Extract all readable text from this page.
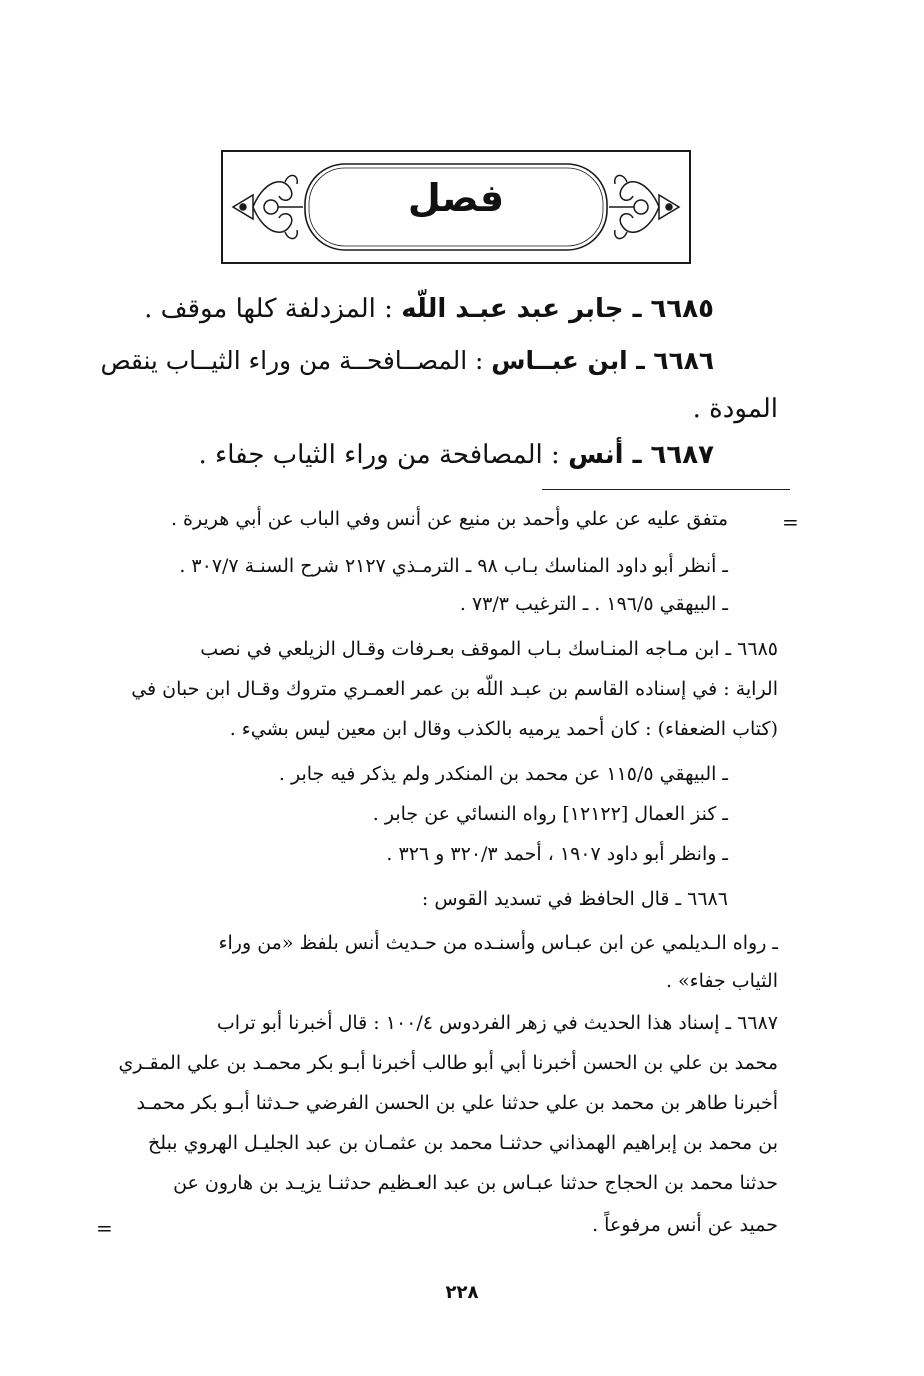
فصل
٦٦٨٥ ـ جابر عبد عبـد اللّه : المزدلفة كلها موقف .
٦٦٨٦ ـ ابن عبــاس : المصــافحــة من وراء الثيــاب ينقص
المودة .
٦٦٨٧ ـ أنس : المصافحة من وراء الثياب جفاء .
=
متفق عليه عن علي وأحمد بن منيع عن أنس وفي الباب عن أبي هريرة .
ـ أنظر أبو داود المناسك بـاب ٩٨ ـ الترمـذي ٢١٢٧ شرح السنـة ٣٠٧/٧ .
ـ البيهقي ١٩٦/٥ . ـ الترغيب ٧٣/٣ .
٦٦٨٥ ـ ابن مـاجه المنـاسك بـاب الموقف بعـرفات وقـال الزيلعي في نصب
الراية : في إسناده القاسم بن عبـد اللّه بن عمر العمـري متروك وقـال ابن حبان في
(كتاب الضعفاء) : كان أحمد يرميه بالكذب وقال ابن معين ليس بشيء .
ـ البيهقي ١١٥/٥ عن محمد بن المنكدر ولم يذكر فيه جابر .
ـ كنز العمال [١٢١٢٢] رواه النسائي عن جابر .
ـ وانظر أبو داود ١٩٠٧ ، أحمد ٣٢٠/٣ و ٣٢٦ .
٦٦٨٦ ـ قال الحافظ في تسديد القوس :
ـ رواه الـديلمي عن ابن عبـاس وأسنـده من حـديث أنس بلفظ «من وراء
الثياب جفاء» .
٦٦٨٧ ـ إسناد هذا الحديث في زهر الفردوس ١٠٠/٤ : قال أخبرنا أبو تراب
محمد بن علي بن الحسن أخبرنا أبي أبو طالب أخبرنا أبـو بكر محمـد بن علي المقـري
أخبرنا طاهر بن محمد بن علي حدثنا علي بن الحسن الفرضي حـدثنا أبـو بكر محمـد
بن محمد بن إبراهيم الهمذاني حدثنـا محمد بن عثمـان بن عبد الجليـل الهروي ببلخ
حدثنا محمد بن الحجاج حدثنا عبـاس بن عبد العـظيم حدثنـا يزيـد بن هارون عن
حميد عن أنس مرفوعاً .
=
٢٢٨
